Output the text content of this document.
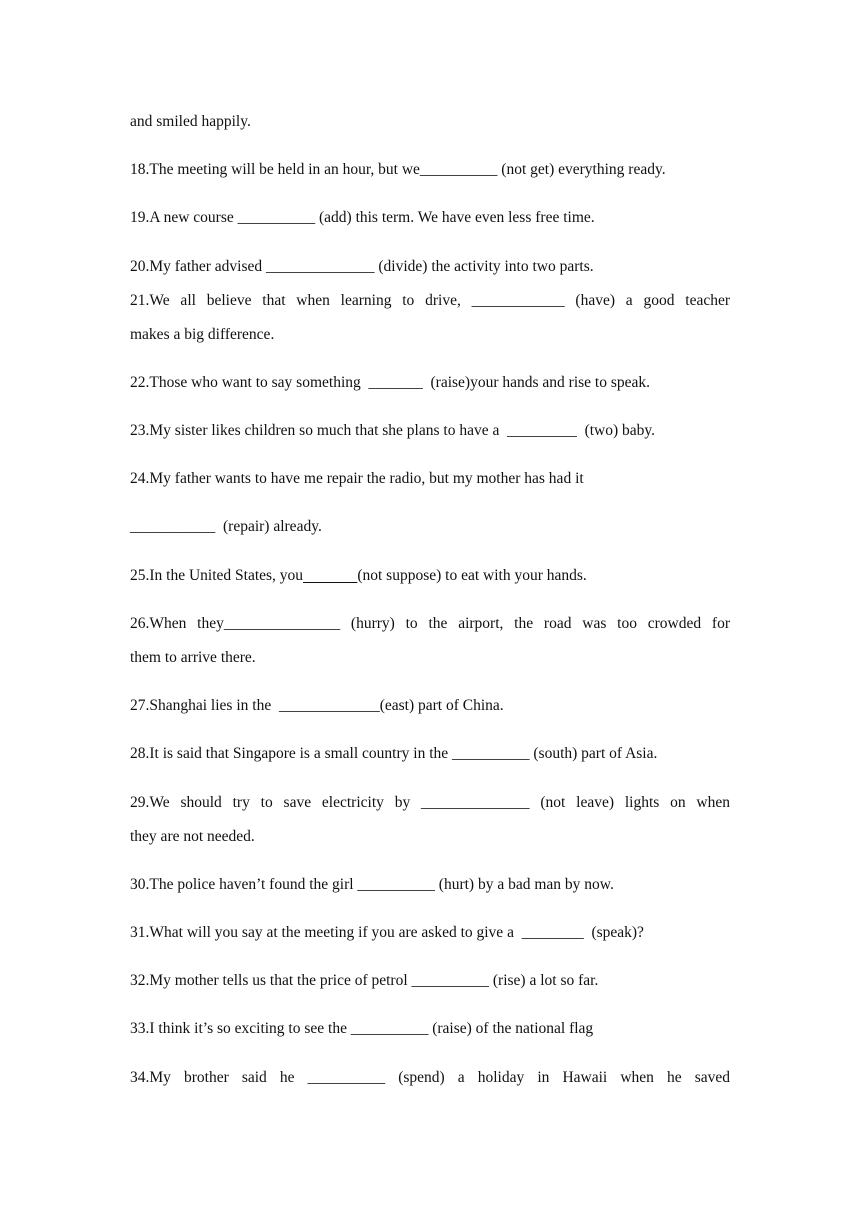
and smiled happily.
18.The meeting will be held in an hour, but we__________ (not get) everything ready.
19.A new course __________ (add) this term. We have even less free time.
20.My father advised ______________ (divide) the activity into two parts.
21.We all believe that when learning to drive, ____________ (have) a good teacher
makes a big difference.
22.Those who want to say something  _______  (raise)your hands and rise to speak.
23.My sister likes children so much that she plans to have a  _________  (two) baby.
24.My father wants to have me repair the radio, but my mother has had it
___________  (repair) already.
25.In the United States, you	(not suppose) to eat with your hands.
26.When they_______________ (hurry) to the airport, the road was too crowded for
them to arrive there.
27.Shanghai lies in the  _____________(east) part of China.
28.It is said that Singapore is a small country in the __________ (south) part of Asia.
29.We should try to save electricity by ______________ (not leave) lights on when
they are not needed.
30.The police haven’t found the girl __________ (hurt) by a bad man by now.
31.What will you say at the meeting if you are asked to give a  ________  (speak)?
32.My mother tells us that the price of petrol __________ (rise) a lot so far.
33.I think it’s so exciting to see the __________ (raise) of the national flag
34.My brother said he __________ (spend) a holiday in Hawaii when he saved
